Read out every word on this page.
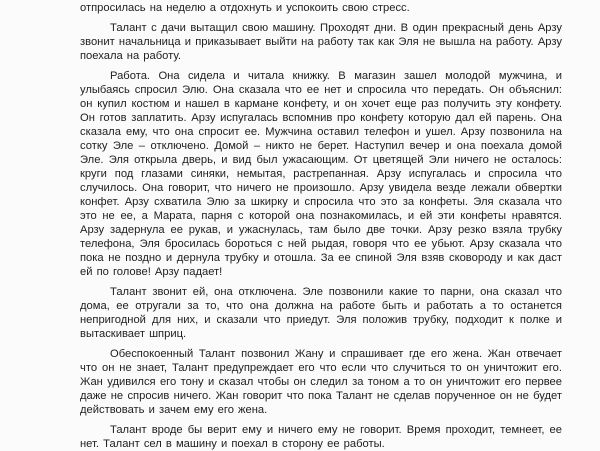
отпросилась на неделю а отдохнуть и успокоить свою стресс.

Талант с дачи вытащил свою машину. Проходят дни. В один прекрасный день Арзу звонит начальница и приказывает выйти на работу так как Эля не вышла на работу. Арзу поехала на работу.

Работа. Она сидела и читала книжку. В магазин зашел молодой мужчина, и улыбаясь спросил Элю. Она сказала что ее нет и спросила что передать. Он объяснил: он купил костюм и нашел в кармане конфету, и он хочет еще раз получить эту конфету. Он готов заплатить. Арзу испугалась вспомнив про конфету которую дал ей парень. Она сказала ему, что она спросит ее. Мужчина оставил телефон и ушел. Арзу позвонила на сотку Эле – отключено. Домой – никто не берет. Наступил вечер и она поехала домой Эле. Эля открыла дверь, и вид был ужасающим. От цветящей Эли ничего не осталось: круги под глазами синяки, немытая, растрепанная. Арзу испугалась и спросила что случилось. Она говорит, что ничего не произошло. Арзу увидела везде лежали обвертки конфет. Арзу схватила Элю за шкирку и спросила что это за конфеты. Эля сказала что это не ее, а Марата, парня с которой она познакомилась, и ей эти конфеты нравятся. Арзу задернула ее рукав, и ужаснулась, там было две точки. Арзу резко взяла трубку телефона, Эля бросилась бороться с ней рыдая, говоря что ее убьют. Арзу сказала что пока не поздно и дернула трубку и отошла. За ее спиной Эля взяв сковороду и как даст ей по голове! Арзу падает!

Талант звонит ей, она отключена. Эле позвонили какие то парни, она сказал что дома, ее отругали за то, что она должна на работе быть и работать а то останется непригодной для них, и сказали что приедут. Эля положив трубку, подходит к полке и вытаскивает шприц.

Обеспокоенный Талант позвонил Жану и спрашивает где его жена. Жан отвечает что он не знает, Талант предупреждает его что если что случиться то он уничтожит его. Жан удивился его тону и сказал чтобы он следил за тоном а то он уничтожит его первее даже не спросив ничего. Жан говорит что пока Талант не сделав порученное он не будет действовать и зачем ему его жена.

Талант вроде бы верит ему и ничего ему не говорит. Время проходит, темнеет, ее нет. Талант сел в машину и поехал в сторону ее работы.
